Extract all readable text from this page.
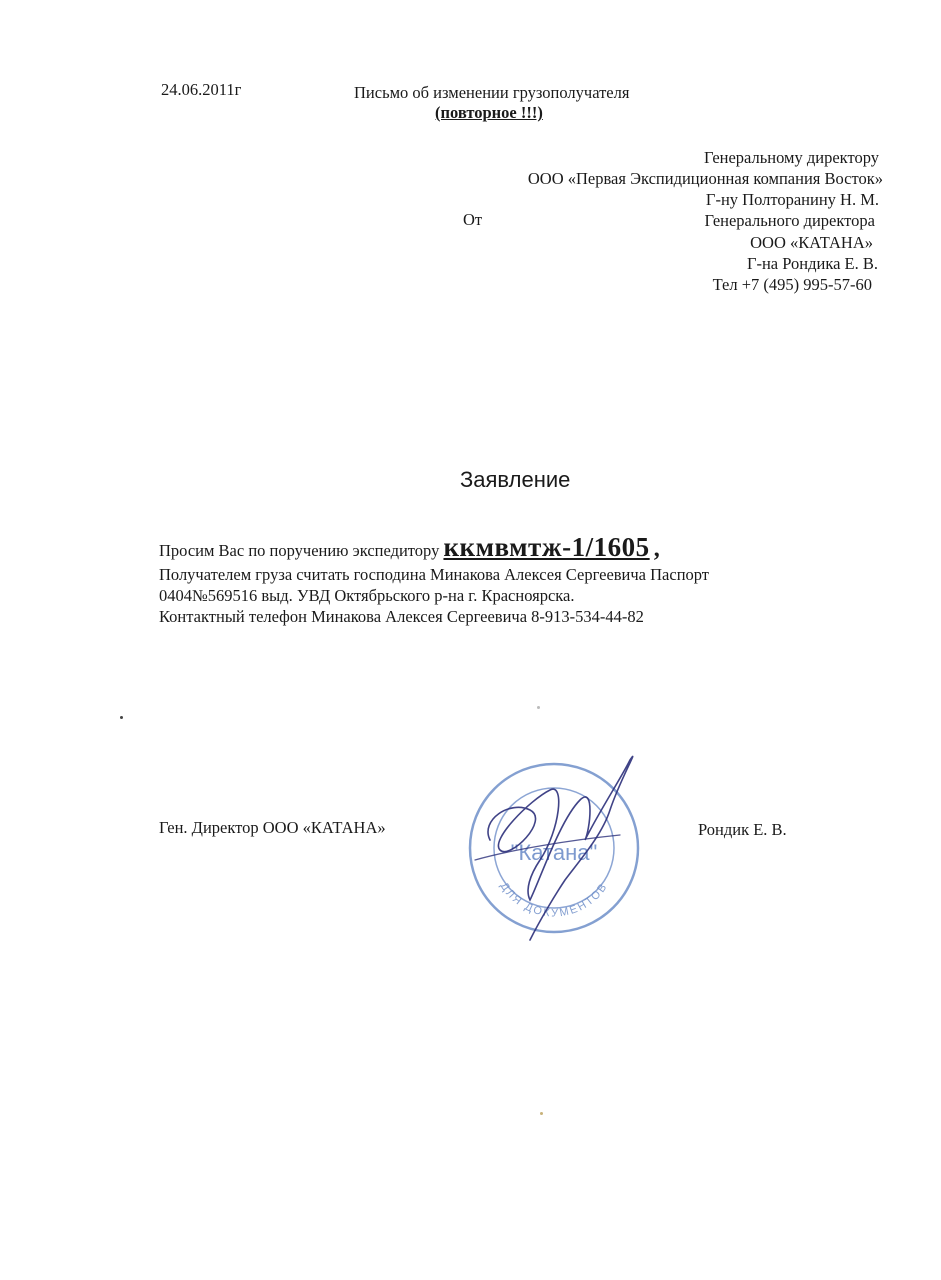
24.06.2011г	Письмо об изменении грузополучателя
(повторное !!!)
Генеральному директору
ООО «Первая Экспидиционная компания Восток»
Г-ну Полторанину Н. М.
От	Генерального директора
ООО «КАТАНА»
Г-на Рондика Е. В.
Тел +7 (495) 995-57-60
Заявление
Просим Вас по поручению экспедитору ккмвмтж-1/1605 ,
Получателем груза считать господина Минакова Алексея Сергеевича Паспорт
0404№569516 выд. УВД Октябрьского р-на г. Красноярска.
Контактный телефон Минакова Алексея Сергеевича 8-913-534-44-82
Ген. Директор ООО «КАТАНА»	Рондик Е. В.
"Катана"
ДЛЯ ДОКУМЕНТОВ
